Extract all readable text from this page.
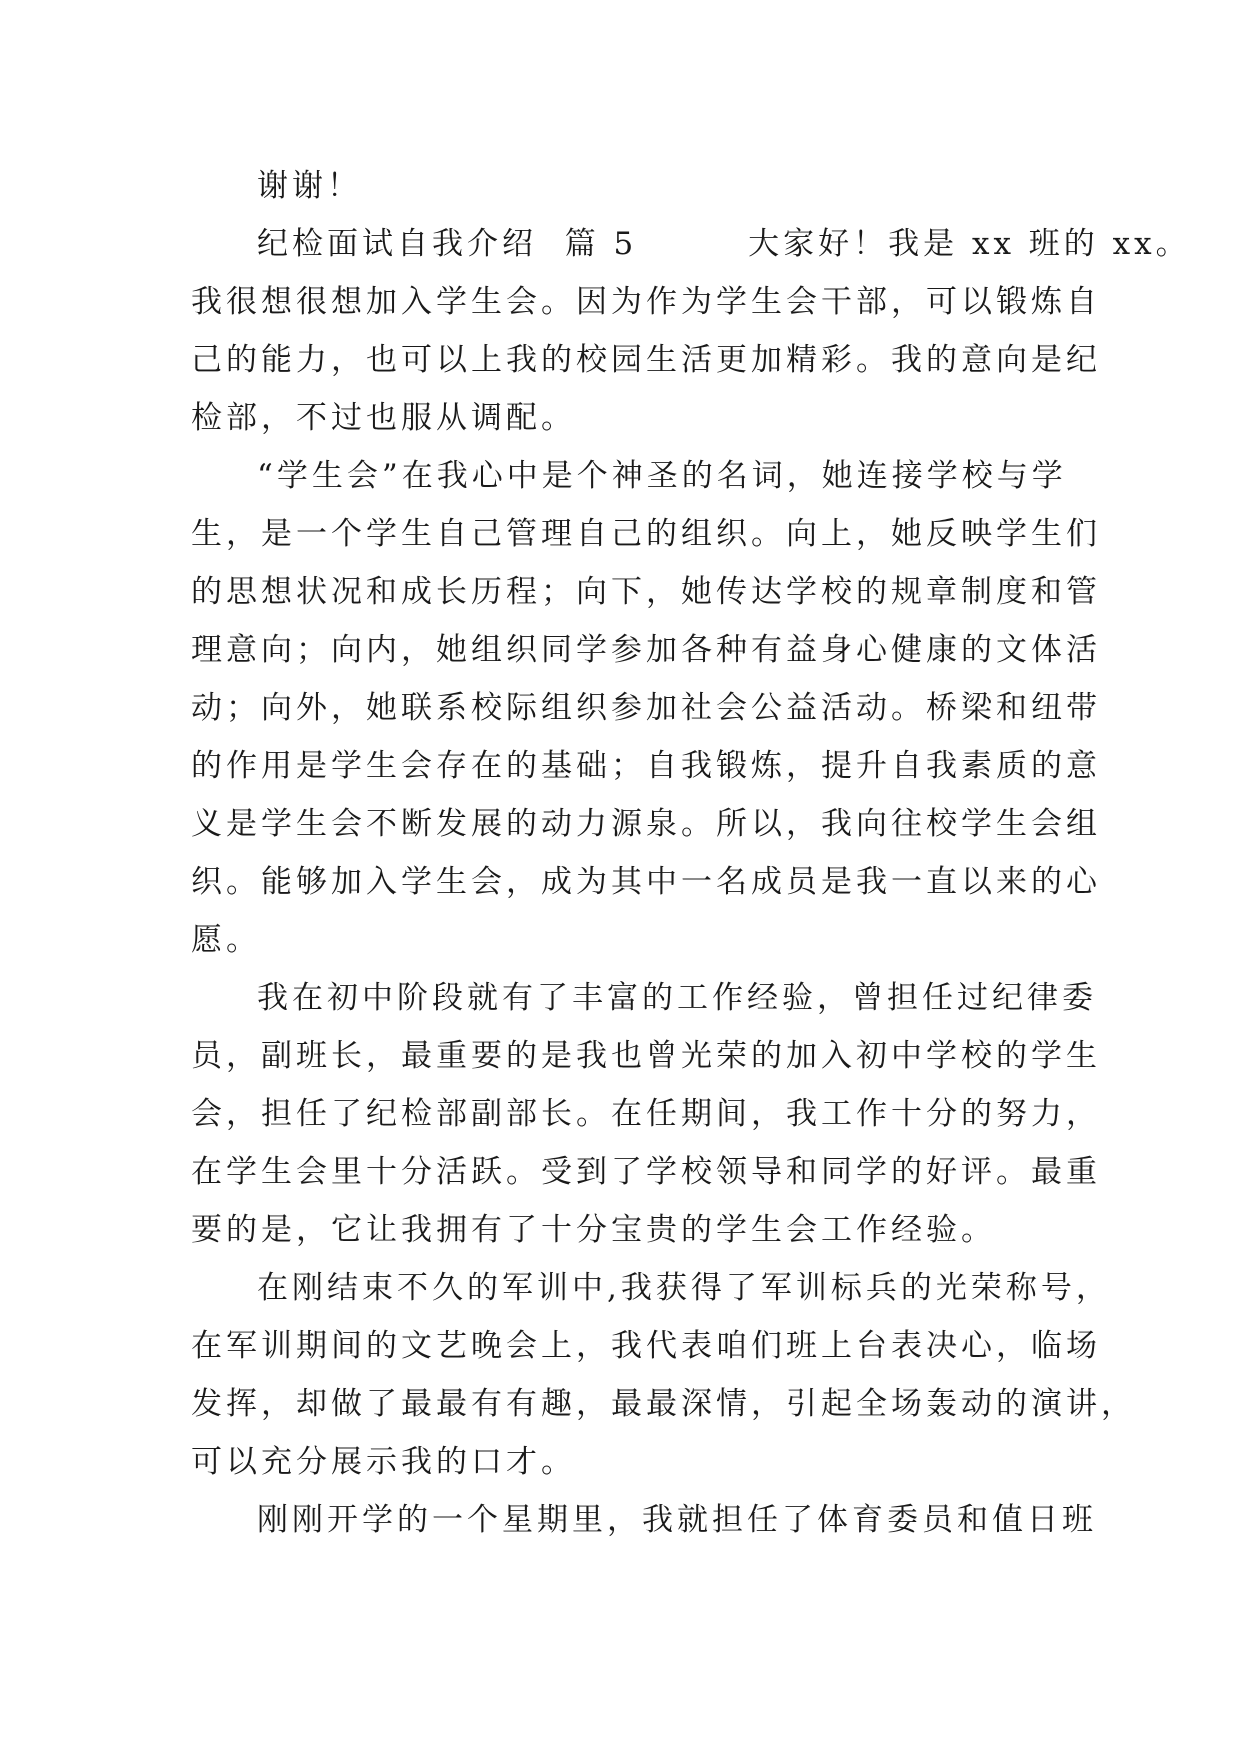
谢谢！
纪检面试自我介绍  篇 5        大家好！我是 xx 班的 xx。
我很想很想加入学生会。因为作为学生会干部，可以锻炼自
己的能力，也可以上我的校园生活更加精彩。我的意向是纪
检部，不过也服从调配。
“学生会”在我心中是个神圣的名词，她连接学校与学
生，是一个学生自己管理自己的组织。向上，她反映学生们
的思想状况和成长历程；向下，她传达学校的规章制度和管
理意向；向内，她组织同学参加各种有益身心健康的文体活
动；向外，她联系校际组织参加社会公益活动。桥梁和纽带
的作用是学生会存在的基础；自我锻炼，提升自我素质的意
义是学生会不断发展的动力源泉。所以，我向往校学生会组
织。能够加入学生会，成为其中一名成员是我一直以来的心
愿。
我在初中阶段就有了丰富的工作经验，曾担任过纪律委
员，副班长，最重要的是我也曾光荣的加入初中学校的学生
会，担任了纪检部副部长。在任期间，我工作十分的努力，
在学生会里十分活跃。受到了学校领导和同学的好评。最重
要的是，它让我拥有了十分宝贵的学生会工作经验。
在刚结束不久的军训中,我获得了军训标兵的光荣称号，
在军训期间的文艺晚会上，我代表咱们班上台表决心，临场
发挥，却做了最最有有趣，最最深情，引起全场轰动的演讲，
可以充分展示我的口才。
刚刚开学的一个星期里，我就担任了体育委员和值日班
